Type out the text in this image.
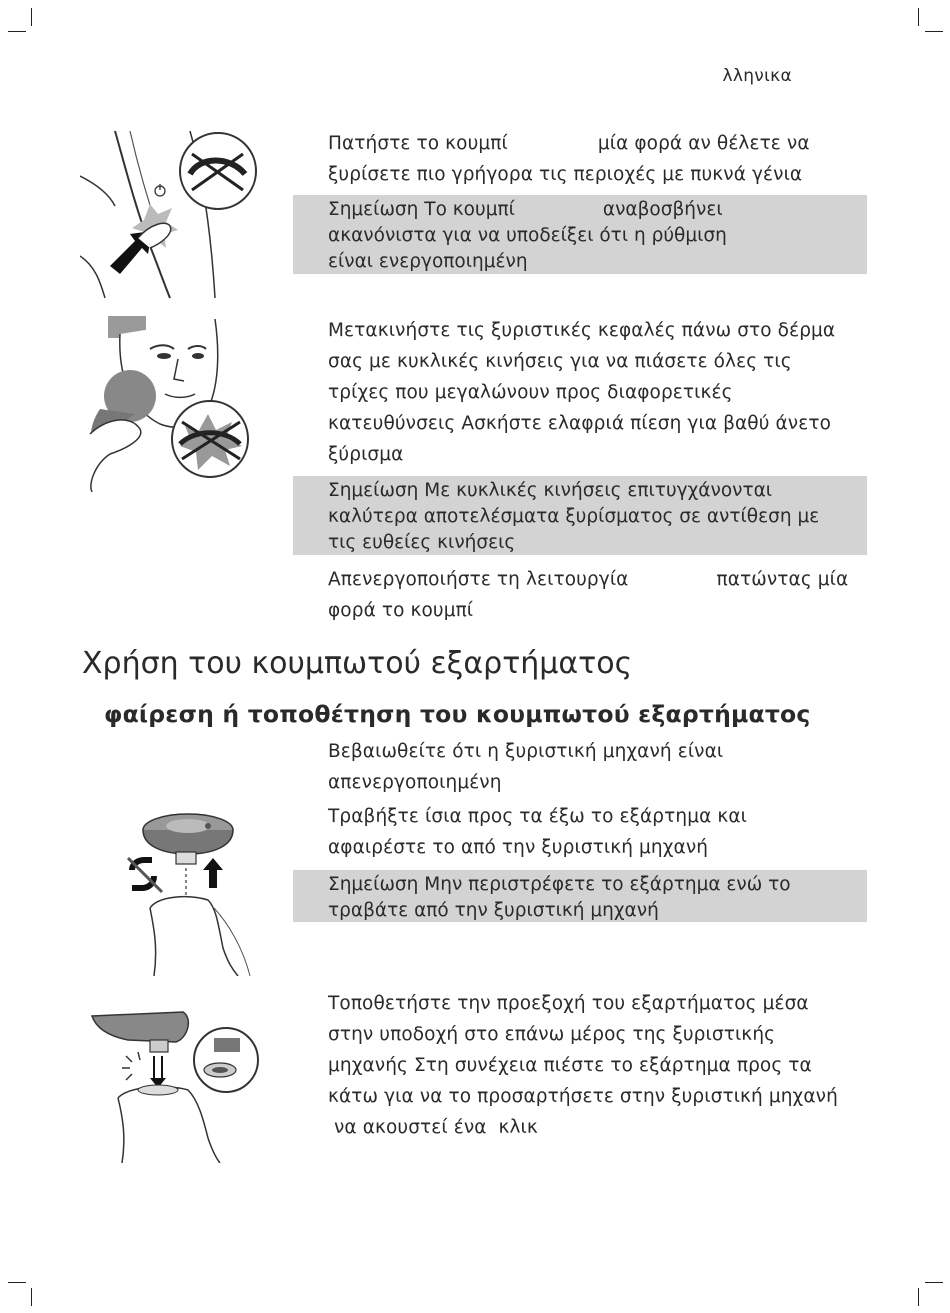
λληνικα
Πατήστε το κουμπί	μία φορά αν θέλετε να
ξυρίσετε πιο γρήγορα τις περιοχές με πυκνά γένια
Σημείωση Το κουμπί	αναβοσβήνει
ακανόνιστα για να υποδείξει ότι η ρύθμιση
είναι ενεργοποιημένη
Μετακινήστε τις ξυριστικές κεφαλές πάνω στο δέρμα
σας με κυκλικές κινήσεις για να πιάσετε όλες τις
τρίχες που μεγαλώνουν προς διαφορετικές
κατευθύνσεις Ασκήστε ελαφριά πίεση για βαθύ άνετο
ξύρισμα
Σημείωση Με κυκλικές κινήσεις επιτυγχάνονται
καλύτερα αποτελέσματα ξυρίσματος σε αντίθεση με
τις ευθείες κινήσεις
Απενεργοποιήστε τη λειτουργία	πατώντας μία
φορά το κουμπί
Χρήση του κουμπωτού εξαρτήματος
φαίρεση ή τοποθέτηση του κουμπωτού εξαρτήματος
Βεβαιωθείτε ότι η ξυριστική μηχανή είναι
απενεργοποιημένη
Τραβήξτε ίσια προς τα έξω το εξάρτημα και
αφαιρέστε το από την ξυριστική μηχανή
Σημείωση Μην περιστρέφετε το εξάρτημα ενώ το
τραβάτε από την ξυριστική μηχανή
Τοποθετήστε την προεξοχή του εξαρτήματος μέσα
στην υποδοχή στο επάνω μέρος της ξυριστικής
μηχανής Στη συνέχεια πιέστε το εξάρτημα προς τα
κάτω για να το προσαρτήσετε στην ξυριστική μηχανή
να ακουστεί ένα  κλικ
